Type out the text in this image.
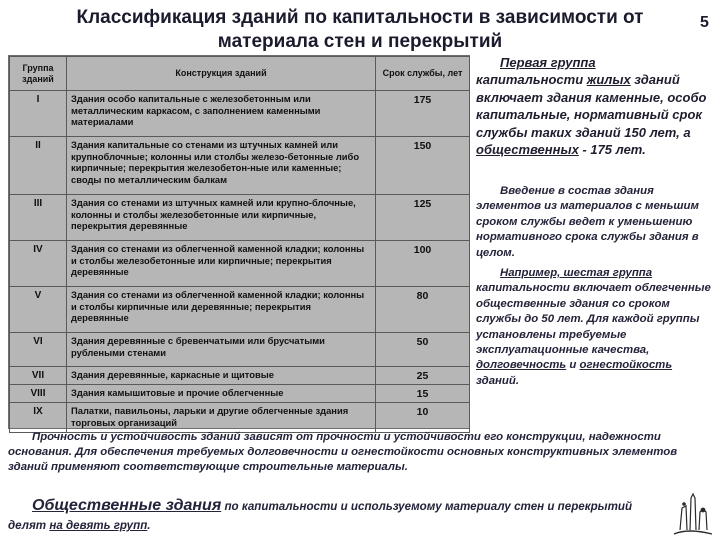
Классификация зданий по капитальности в зависимости от
материала стен и перекрытий
5
Группа зданий	Конструкция зданий	Срок службы, лет
I	Здания особо капитальные с железобетонным или металлическим каркасом, с заполнением каменными материалами	175
II	Здания капитальные со стенами из штучных камней или крупноблочные; колонны или столбы железо-бетонные либо кирпичные; перекрытия железобетон-ные или каменные; своды по металлическим балкам	150
III	Здания со стенами из штучных камней или крупно-блочные, колонны и столбы железобетонные или кирпичные, перекрытия деревянные	125
IV	Здания со стенами из облегченной каменной кладки; колонны и столбы железобетонные или кирпичные; перекрытия деревянные	100
V	Здания со стенами из облегченной каменной кладки; колонны и столбы кирпичные или деревянные; перекрытия деревянные	80
VI	Здания деревянные с бревенчатыми или брусчатыми рублеными стенами	50
VII	Здания деревянные, каркасные и щитовые	25
VIII	Здания камышитовые и прочие облегченные	15
IX	Палатки, павильоны, ларьки и другие облегченные здания торговых организаций	10
Первая группа
капитальности жилых зданий включает здания каменные, особо капитальные, нормативный срок службы таких зданий 150 лет, а общественных - 175 лет.
Введение в состав здания элементов из материалов с меньшим сроком службы ведет к уменьшению нормативного срока службы здания в целом.
Например, шестая группа капитальности включает облегченные общественные здания со сроком службы до 50 лет. Для каждой группы установлены требуемые эксплуатационные качества, долговечность и огнестойкость зданий.
Прочность и устойчивость зданий зависят от прочности и устойчивости его конструкции, надежности основания. Для обеспечения требуемых долговечности и огнестойкости основных конструктивных элементов зданий применяют соответствующие строительные материалы.
Общественные здания по капитальности и используемому материалу стен и перекрытий делят на девять групп.
